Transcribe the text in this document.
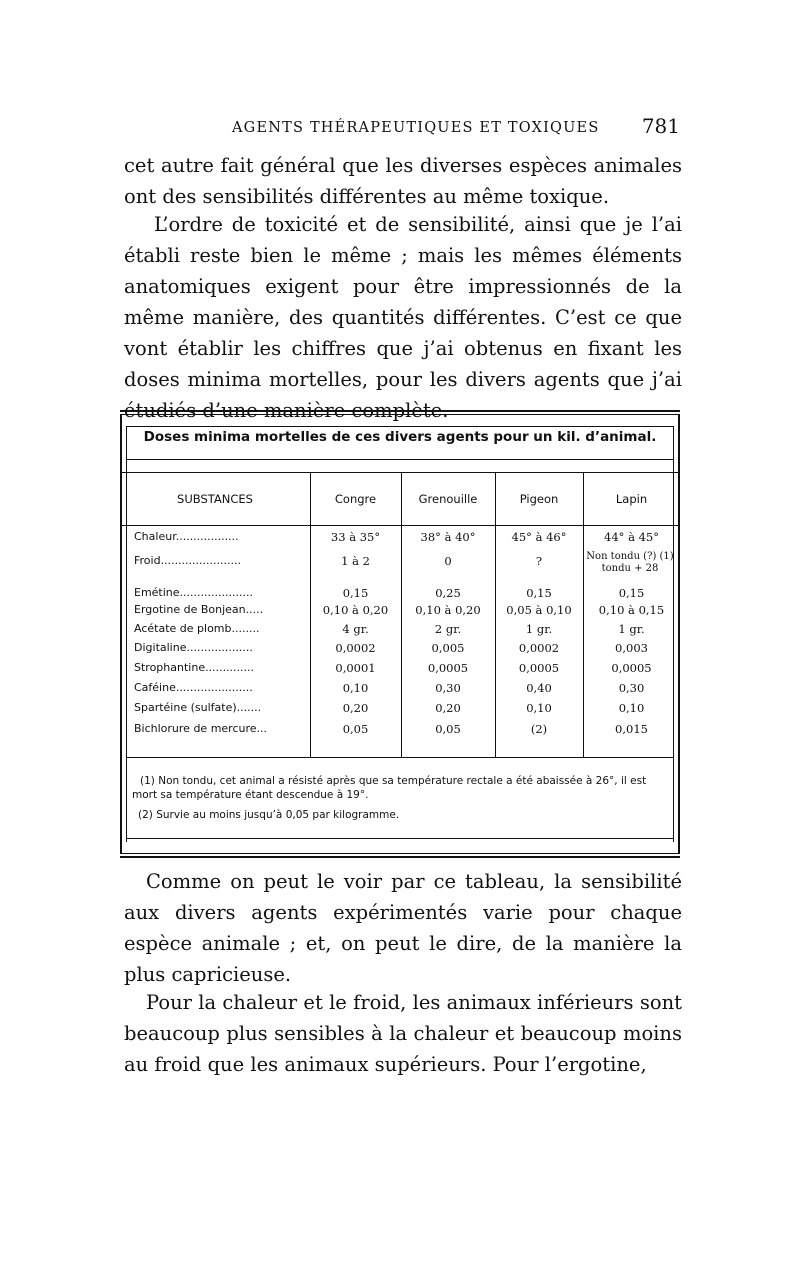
AGENTS THÉRAPEUTIQUES ET TOXIQUES 781

cet autre fait général que les diverses espèces animales ont des sensibilités différentes au même toxique.

L’ordre de toxicité et de sensibilité, ainsi que je l’ai établi reste bien le même ; mais les mêmes éléments anatomiques exigent pour être impressionnés de la même manière, des quantités différentes. C’est ce que vont établir les chiffres que j’ai obtenus en fixant les doses minima mortelles, pour les divers agents que j’ai

Doses minima mortelles de ces divers agents pour un kil. d’animal.
SUBSTANCES	Congre	Grenouille	Pigeon	Lapin
Chaleur..................	33 à 35°	38° à 40°	45° à 46°	44° à 45°
Froid.......................	1 à 2	0	?	Non tondu (?) (1) tondu + 28
Emétine.....................	0,15	0,25	0,15	0,15
Ergotine de Bonjean.....	0,10 à 0,20	0,10 à 0,20	0,05 à 0,10	0,10 à 0,15
Acétate de plomb........	4 gr.	2 gr.	1 gr.	1 gr.
Digitaline...................	0,0002	0,005	0,0002	0,003
Strophantine..............	0,0001	0,0005	0,0005	0,0005
Caféine......................	0,10	0,30	0,40	0,30
Spartéine (sulfate).......	0,20	0,20	0,10	0,10
Bichlorure de mercure...	0,05	0,05	(2)	0,015

(1) Non tondu, cet animal a résisté après que sa température rectale a été abaissée à 26°, il est mort sa température étant descendue à 19°.

(2) Survie au moins jusqu’à 0,05 par kilogramme.

Comme on peut le voir par ce tableau, la sensibilité aux divers agents expérimentés varie pour chaque espèce animale ; et, on peut le dire, de la manière la plus capricieuse.

Pour la chaleur et le froid, les animaux inférieurs sont beaucoup plus sensibles à la chaleur et beaucoup moins au froid que les animaux supérieurs. Pour l’ergotine,
